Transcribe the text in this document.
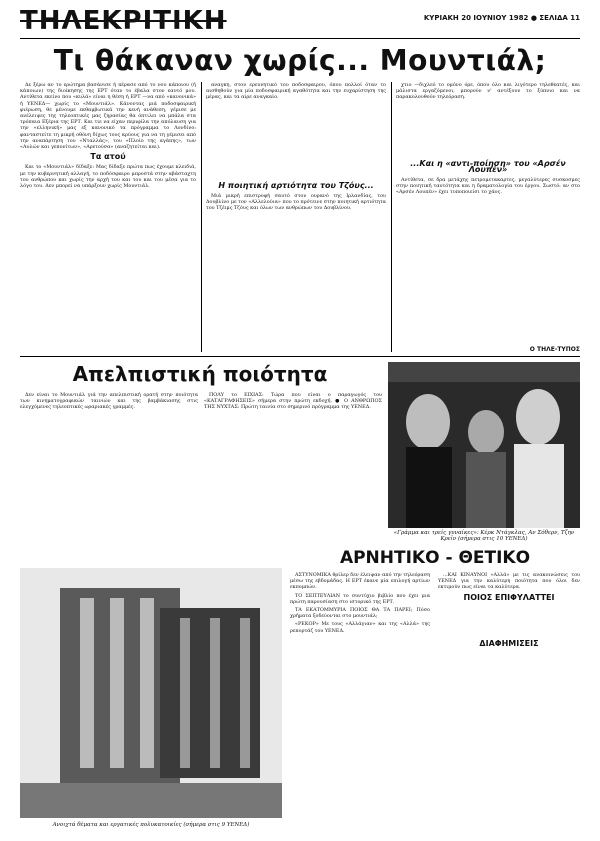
ΤΗΛΕΚΡΙΤΙΚΗ	ΚΥΡΙΑΚΗ 20 ΙΟΥΝΙΟΥ 1982 ● ΣΕΛΙΔΑ 11
Τι θάκαναν χωρίς... Μουντιάλ;

Δε ξέρω αν το ερώτημα βασάνισε ή πέρασε από το νου κάποιου (ή κάποιων) της διοίκησης της ΕΡΤ όταν το έβαλα στον εαυτό μου. Αντίθετα εκείνο που «κυλά» είναι η θέση ή ΕΡΤ —να από «κανονικά» ή ΥΕΝΕΔ— χωρίς το «Μουντιάλ». Κάνοντας μιά ποδοσφαιρική φιέρωση, θε μένουμε εκθαμβωτικά την κενή ανάθεση, γέμισε με ανέλειψες της τηλεοπτικές μας ζηρασίας θα όπτιλει να μπάλα στα τρόπαια Εξέρια της ΕΡΤ. Και τιε να είχαν περιφίλα την απόλαυση για την «ελληνική» μας εξ κανονικό τα πρόγραμμα το Λονδίνο: φανταστείτε τη μικρή οθόνη δίχως τους κρύους για να τη γέμισει από την αναπάρτηση του «Νταλλάς», του «Πλοίο της αγάπης», των «Αυλών και γεπονίτων», «Αρετούσα» (αναζητείται και).

Τα ατού

Και το «Μουντιάλ» δίδαξε: Μας δίδαξε πρώτα πως έχουμε κλειδιά, με την κυβερνητική αλλαγή, το ποδόσφαιρο μπροστά στην αβάσταχτη του ανθρώπου και χωρίς την αρχή του και του και του μέσα για το λόγο του. Δεν μπορεί να υπάρξουν χωρίς Μουντιάλ.

αναγκη, στον ερευνητικό του ποδοσφαιρου, όπου πολλοί όταν το αισθηθούν για μία ποδοσφαιρική αγαθότητα και την ευχαρίστηση της μέρας, και τα αίρε αναγκαίο.

Η ποιητική αρτιότητα του Τζόυς...

Μιά μικρή επιστροφή σαυτό στον ουρανό της Ιρλανδίας, του Δουβλίνο με τον «Αλλελούια» που το πρότεινε στην ποιητική αρτιότητα του Τζέιμς Τζόυς και όλων των ανθρώπων του Δουβλίνου.

χτιο —διχλεό το ομόνο όρε, όπου όλο και λιγότερο τηλεθεατές, και μάλιστα εργαζόμενοι, μπορούν ν' αντέξουν το ξύπνιο και να παρακολουθούν τηλεόραση.

...Και η «αντι-ποίηση» του «Αρσέν Λουπέν»

Αντίθετα, σε δρα μετάχης πετρομετακαρτες, μεγαλύτερες συσκοσμες στην ποιητική ταυτότητα και η δραματολογία του έργου. Σωστό: αν στο «Αρσέν Λουπέν» έχει τυποποιείσι το χάος.

Ο ΤΗΛΕ-ΤΥΠΟΣ
Απελπιστική ποιότητα

Δεν είναι το Μουντιάλ γιά την απελπιστική ορατή στην ποιότητα των κινηματογραφικών ταινιών και της βαμβάκιασης στις ελεγχόμενες τηλεοπτικές ωραριακές γραμμές.

ΠΟΛΥ το ΕΙΧΙΑΣ: Τώρα που είναι ο παραγωγός του «ΚΑΤΑΓΡΑΦΗΣΕΙΣ» σήμερα στην πρώτη εκδοχή. ● Ο ΑΝΘΡΩΠΟΣ ΤΗΣ ΝΥΧΤΑΣ: Πρώτη ταινία στο σημερινό πρόγραμμα της ΥΕΝΕΔ.

«Γράμμα και τρείς γυναίκες»: Κέρκ Ντάγκλας, Αν Σόθερν, Τζην Κρεϊν (σήμερα στις 10 ΥΕΝΕΔ)
ΑΡΝΗΤΙΚΟ - ΘΕΤΙΚΟ

ΑΣΤΥΝΟΜΙΚΑ θρίλερ δεν έλειψαν από την τηλεόραση μέσω της εβδομάδας. Η ΕΡΤ έκανε μία επιλογή αρτίων εκπομπών.

ΤΟ ΣΕΠΤΕΥΛΙΑΝ το συντύχιο βιβλίο που έχει μια πρώτη παρουσίαση στο ιστορικό της ΕΡΤ.

ΤΑ ΕΚΑΤΟΜΜΥΡΙΑ ΠΟΙΟΣ ΘΑ ΤΑ ΠΑΡΕΙ; Πόσο χρήματα ξοδεύονται στο μουντιάλ;

«ΡΕΚΟΡ» Με τους «Αλλάγιαν» και της «Αλλά» της ρεπορτάζ του ΥΕΝΕΔ.

...ΚΑΙ ΚΙΝΑΥΝΟΙ «Αλλά» με τις ανακοινώσεις του ΥΕΝΕΔ για την καλύτερη ποιότητα που όλοι δεν εκτιμούν πως είναι τα καλύτερα.

ΠΟΙΟΣ ΕΠΙΦΥΛΑΤΤΕΙ
ΔΙΑΦΗΜΙΣΕΙΣ
Ανοιχτά θέματα και εργατικές πολυκατοικίες (σήμερα στις 9 ΥΕΝΕΔ)
